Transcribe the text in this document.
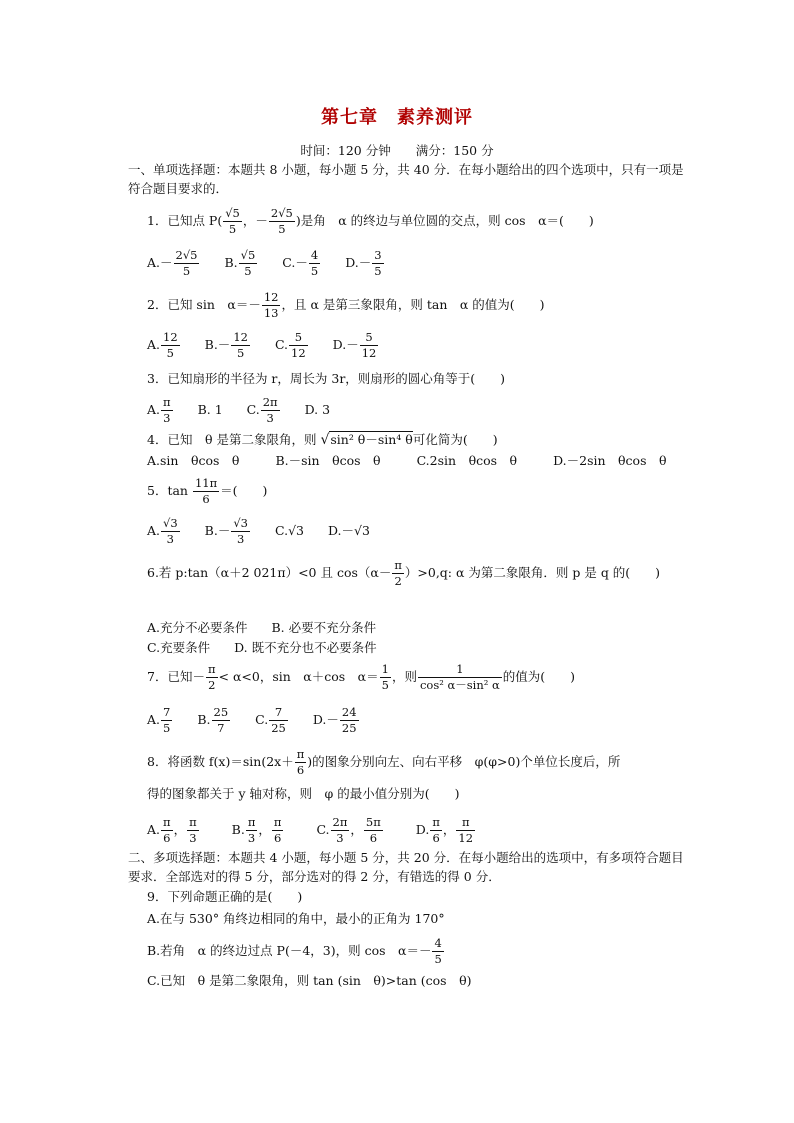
第七章　素养测评
时间：120 分钟　　满分：150 分
一、单项选择题：本题共 8 小题，每小题 5 分，共 40 分．在每小题给出的四个选项中，只有一项是符合题目要求的．
1．已知点 $P( \frac{√5}{5}$ ，－ $\frac{2√5}{5}$ )是角　α 的终边与单位圆的交点，则 cos　α＝(　　)
$A.- \frac{2√5}{5} B$. $\frac{√5}{5} C.- \frac{4}{5} D.- \frac{3}{5}$
2．已知 sin　$\alpha=- \frac{12}{13}$ ，且 α 是第三象限角，则 tan　α 的值为(　　)
A. $\frac{12}{5} B.- \frac{12}{5} C$. $\frac{5}{12} D.- \frac{5}{12}$
3．已知扇形的半径为 r，周长为 3r，则扇形的圆心角等于(　　)
A. $\frac{\pi}{3} B$. 1 C. $\frac{2\pi}{3} D$. 3
4．已知　θ 是第二象限角，则 √sin² θ－sin⁴ θ可化简为(　　)
A.sin　θcos　θ	B.－sin　θcos　θ	C.2sin　θcos　θ	D.－2sin　θcos　θ
5．$\tan \frac{11\pi}{6}$ ＝(　　)
A. $\frac{√3}{3} B.- \frac{√3}{3} C.√3$ D.－√3
6.若 p:tan（α＋2 021π）<0 且 $\cos(\alpha- \frac{\pi}{2} )>0,q$: α 为第二象限角．则 p 是 q 的(　　)
A.充分不必要条件 B. 必要不充分条件
C.充要条件 D. 既不充分也不必要条件
7．已知－ $\frac{\pi}{2} < \alpha<0$，sin　α＋cos　$\alpha= \frac{1}{5}$ ，则 $\frac{1}{\text{cos² α－sin² α}}$ 的值为(　　)
A. $\frac{7}{5} B$. $\frac{25}{7} C$. $\frac{7}{25} D.- \frac{24}{25}$
8．将函数 $f(x)=\sin(2x+ \frac{\pi}{6}$ )的图象分别向左、向右平移　φ(φ>0)个单位长度后，所
得的图象都关于 y 轴对称，则　φ 的最小值分别为(　　)
A. $\frac{\pi}{6}$ ， $\frac{\pi}{3}$	B. $\frac{\pi}{3}$ ， $\frac{\pi}{6}$	C. $\frac{2\pi}{3}$ ， $\frac{5\pi}{6}$	D. $\frac{\pi}{6}$ ， $\frac{\pi}{12}$
二、多项选择题：本题共 4 小题，每小题 5 分，共 20 分．在每小题给出的选项中，有多项符合题目要求．全部选对的得 5 分，部分选对的得 2 分，有错选的得 0 分．
9．下列命题正确的是(　　)
A.在与 530° 角终边相同的角中，最小的正角为 170°
B.若角　α 的终边过点 P(－4，3)，则 cos　$\alpha=- \frac{4}{5}$
C.已知　θ 是第二象限角，则 tan (sin　θ)>tan (cos　θ)
